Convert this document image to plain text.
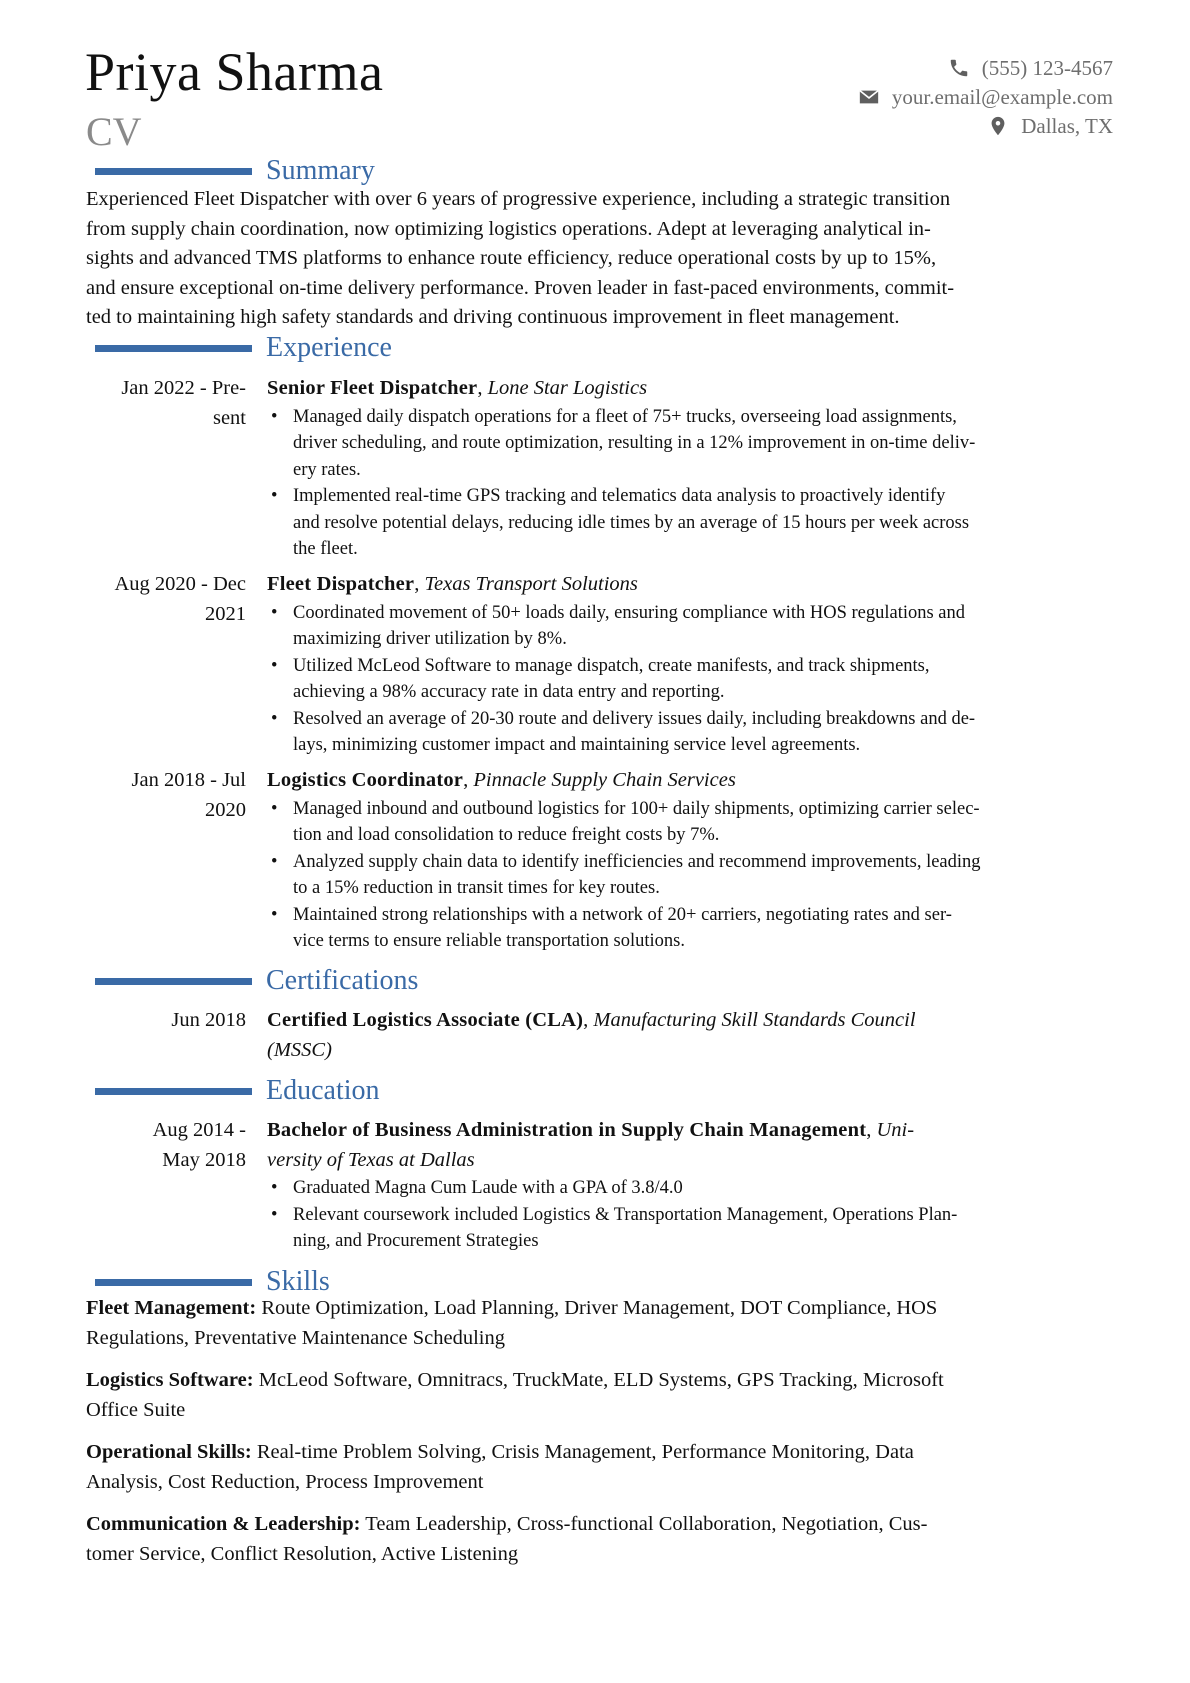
Priya Sharma
CV
(555) 123-4567
your.email@example.com
Dallas, TX
Summary
Experienced Fleet Dispatcher with over 6 years of progressive experience, including a strategic transition
from supply chain coordination, now optimizing logistics operations. Adept at leveraging analytical in-
sights and advanced TMS platforms to enhance route efficiency, reduce operational costs by up to 15%,
and ensure exceptional on-time delivery performance. Proven leader in fast-paced environments, commit-
ted to maintaining high safety standards and driving continuous improvement in fleet management.
Experience
Jan 2022 - Pre-
sent
Senior Fleet Dispatcher, Lone Star Logistics
• Managed daily dispatch operations for a fleet of 75+ trucks, overseeing load assignments,
driver scheduling, and route optimization, resulting in a 12% improvement in on-time deliv-
ery rates.
• Implemented real-time GPS tracking and telematics data analysis to proactively identify
and resolve potential delays, reducing idle times by an average of 15 hours per week across
the fleet.
Aug 2020 - Dec
2021
Fleet Dispatcher, Texas Transport Solutions
• Coordinated movement of 50+ loads daily, ensuring compliance with HOS regulations and
maximizing driver utilization by 8%.
• Utilized McLeod Software to manage dispatch, create manifests, and track shipments,
achieving a 98% accuracy rate in data entry and reporting.
• Resolved an average of 20-30 route and delivery issues daily, including breakdowns and de-
lays, minimizing customer impact and maintaining service level agreements.
Jan 2018 - Jul
2020
Logistics Coordinator, Pinnacle Supply Chain Services
• Managed inbound and outbound logistics for 100+ daily shipments, optimizing carrier selec-
tion and load consolidation to reduce freight costs by 7%.
• Analyzed supply chain data to identify inefficiencies and recommend improvements, leading
to a 15% reduction in transit times for key routes.
• Maintained strong relationships with a network of 20+ carriers, negotiating rates and ser-
vice terms to ensure reliable transportation solutions.
Certifications
Jun 2018 Certified Logistics Associate (CLA), Manufacturing Skill Standards Council
(MSSC)
Education
Aug 2014 -
May 2018
Bachelor of Business Administration in Supply Chain Management, Uni-
versity of Texas at Dallas
• Graduated Magna Cum Laude with a GPA of 3.8/4.0
• Relevant coursework included Logistics & Transportation Management, Operations Plan-
ning, and Procurement Strategies
Skills
Fleet Management: Route Optimization, Load Planning, Driver Management, DOT Compliance, HOS
Regulations, Preventative Maintenance Scheduling
Logistics Software: McLeod Software, Omnitracs, TruckMate, ELD Systems, GPS Tracking, Microsoft
Office Suite
Operational Skills: Real-time Problem Solving, Crisis Management, Performance Monitoring, Data
Analysis, Cost Reduction, Process Improvement
Communication & Leadership: Team Leadership, Cross-functional Collaboration, Negotiation, Cus-
tomer Service, Conflict Resolution, Active Listening
